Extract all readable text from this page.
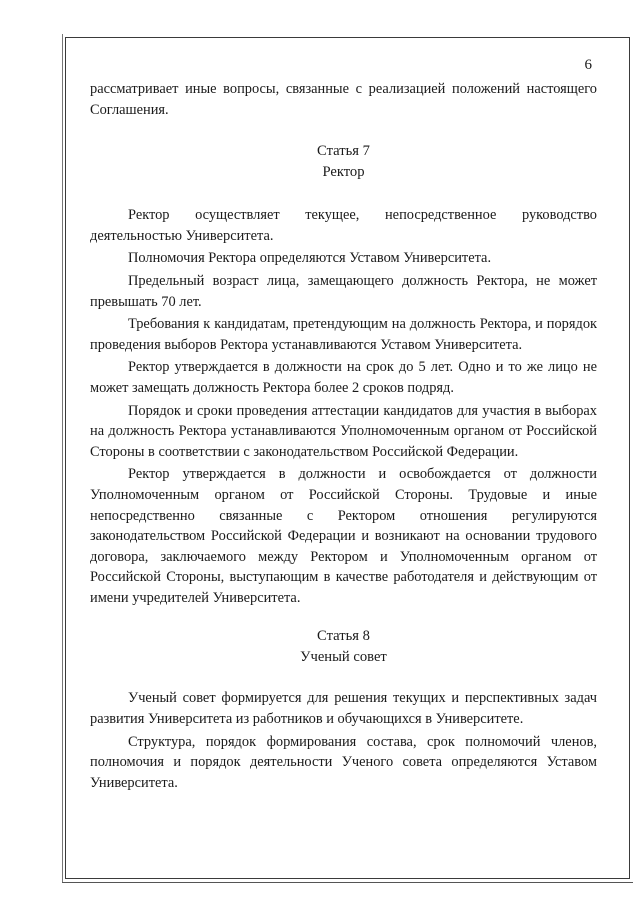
6

рассматривает иные вопросы, связанные с реализацией положений настоящего Соглашения.

Статья 7
Ректор

Ректор осуществляет текущее, непосредственное руководство деятельностью Университета.

Полномочия Ректора определяются Уставом Университета.

Предельный возраст лица, замещающего должность Ректора, не может превышать 70 лет.

Требования к кандидатам, претендующим на должность Ректора, и порядок проведения выборов Ректора устанавливаются Уставом Университета.

Ректор утверждается в должности на срок до 5 лет. Одно и то же лицо не может замещать должность Ректора более 2 сроков подряд.

Порядок и сроки проведения аттестации кандидатов для участия в выборах на должность Ректора устанавливаются Уполномоченным органом от Российской Стороны в соответствии с законодательством Российской Федерации.

Ректор утверждается в должности и освобождается от должности Уполномоченным органом от Российской Стороны. Трудовые и иные непосредственно связанные с Ректором отношения регулируются законодательством Российской Федерации и возникают на основании трудового договора, заключаемого между Ректором и Уполномоченным органом от Российской Стороны, выступающим в качестве работодателя и действующим от имени учредителей Университета.

Статья 8
Ученый совет

Ученый совет формируется для решения текущих и перспективных задач развития Университета из работников и обучающихся в Университете.

Структура, порядок формирования состава, срок полномочий членов, полномочия и порядок деятельности Ученого совета определяются Уставом Университета.
